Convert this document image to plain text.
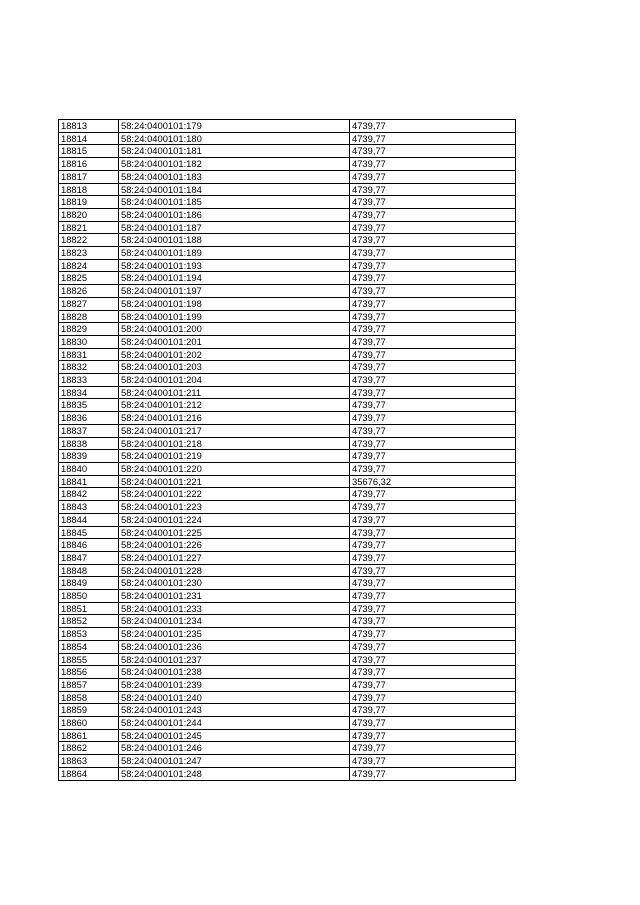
18813	58:24:0400101:179	4739,77
18814	58:24:0400101:180	4739,77
18815	58:24:0400101:181	4739,77
18816	58:24:0400101:182	4739,77
18817	58:24:0400101:183	4739,77
18818	58:24:0400101:184	4739,77
18819	58:24:0400101:185	4739,77
18820	58:24:0400101:186	4739,77
18821	58:24:0400101:187	4739,77
18822	58:24:0400101:188	4739,77
18823	58:24:0400101:189	4739,77
18824	58:24:0400101:193	4739,77
18825	58:24:0400101:194	4739,77
18826	58:24:0400101:197	4739,77
18827	58:24:0400101:198	4739,77
18828	58:24:0400101:199	4739,77
18829	58:24:0400101:200	4739,77
18830	58:24:0400101:201	4739,77
18831	58:24:0400101:202	4739,77
18832	58:24:0400101:203	4739,77
18833	58:24:0400101:204	4739,77
18834	58:24:0400101:211	4739,77
18835	58:24:0400101:212	4739,77
18836	58:24:0400101:216	4739,77
18837	58:24:0400101:217	4739,77
18838	58:24:0400101:218	4739,77
18839	58:24:0400101:219	4739,77
18840	58:24:0400101:220	4739,77
18841	58:24:0400101:221	35676,32
18842	58:24:0400101:222	4739,77
18843	58:24:0400101:223	4739,77
18844	58:24:0400101:224	4739,77
18845	58:24:0400101:225	4739,77
18846	58:24:0400101:226	4739,77
18847	58:24:0400101:227	4739,77
18848	58:24:0400101:228	4739,77
18849	58:24:0400101:230	4739,77
18850	58:24:0400101:231	4739,77
18851	58:24:0400101:233	4739,77
18852	58:24:0400101:234	4739,77
18853	58:24:0400101:235	4739,77
18854	58:24:0400101:236	4739,77
18855	58:24:0400101:237	4739,77
18856	58:24:0400101:238	4739,77
18857	58:24:0400101:239	4739,77
18858	58:24:0400101:240	4739,77
18859	58:24:0400101:243	4739,77
18860	58:24:0400101:244	4739,77
18861	58:24:0400101:245	4739,77
18862	58:24:0400101:246	4739,77
18863	58:24:0400101:247	4739,77
18864	58:24:0400101:248	4739,77
